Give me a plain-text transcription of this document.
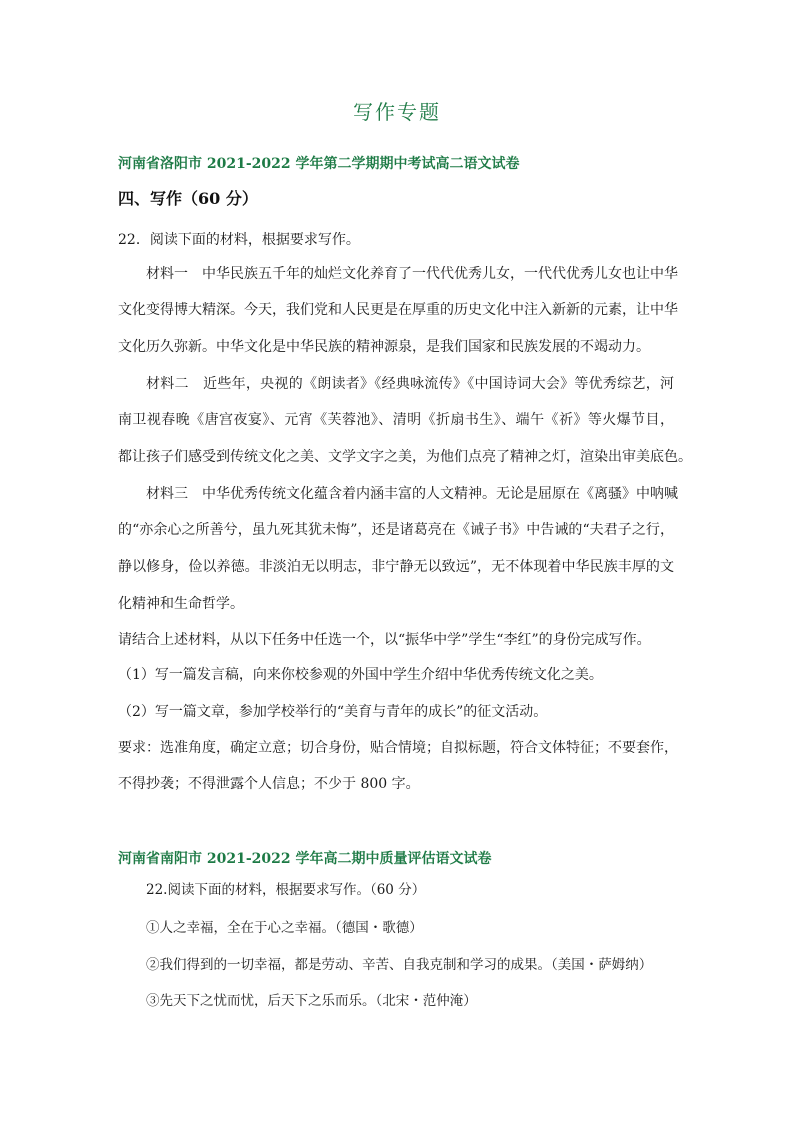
写作专题
河南省洛阳市 2021-2022 学年第二学期期中考试高二语文试卷
四、写作（60 分）
22．阅读下面的材料，根据要求写作。
材料一　中华民族五千年的灿烂文化养育了一代代优秀儿女，一代代优秀儿女也让中华
文化变得博大精深。今天，我们党和人民更是在厚重的历史文化中注入新新的元素，让中华
文化历久弥新。中华文化是中华民族的精神源泉，是我们国家和民族发展的不竭动力。
材料二　近些年，央视的《朗读者》《经典咏流传》《中国诗词大会》等优秀综艺，河
南卫视春晚《唐宫夜宴》、元宵《芙蓉池》、清明《折扇书生》、端午《祈》等火爆节目，
都让孩子们感受到传统文化之美、文学文字之美，为他们点亮了精神之灯，渲染出审美底色。
材料三　中华优秀传统文化蕴含着内涵丰富的人文精神。无论是屈原在《离骚》中呐喊
的“亦余心之所善兮，虽九死其犹未悔”，还是诸葛亮在《诫子书》中告诫的“夫君子之行，
静以修身，俭以养德。非淡泊无以明志，非宁静无以致远”，无不体现着中华民族丰厚的文
化精神和生命哲学。
请结合上述材料，从以下任务中任选一个，以“振华中学”学生“李红”的身份完成写作。
（1）写一篇发言稿，向来你校参观的外国中学生介绍中华优秀传统文化之美。
（2）写一篇文章，参加学校举行的“美育与青年的成长”的征文活动。
要求：选准角度，确定立意；切合身份，贴合情境；自拟标题，符合文体特征；不要套作，
不得抄袭；不得泄露个人信息；不少于 800 字。
河南省南阳市 2021-2022 学年高二期中质量评估语文试卷
22.阅读下面的材料，根据要求写作。（60 分）
①人之幸福，全在于心之幸福。（德国・歌德）
②我们得到的一切幸福，都是劳动、辛苦、自我克制和学习的成果。（美国・萨姆纳）
③先天下之忧而忧，后天下之乐而乐。（北宋・范仲淹）
